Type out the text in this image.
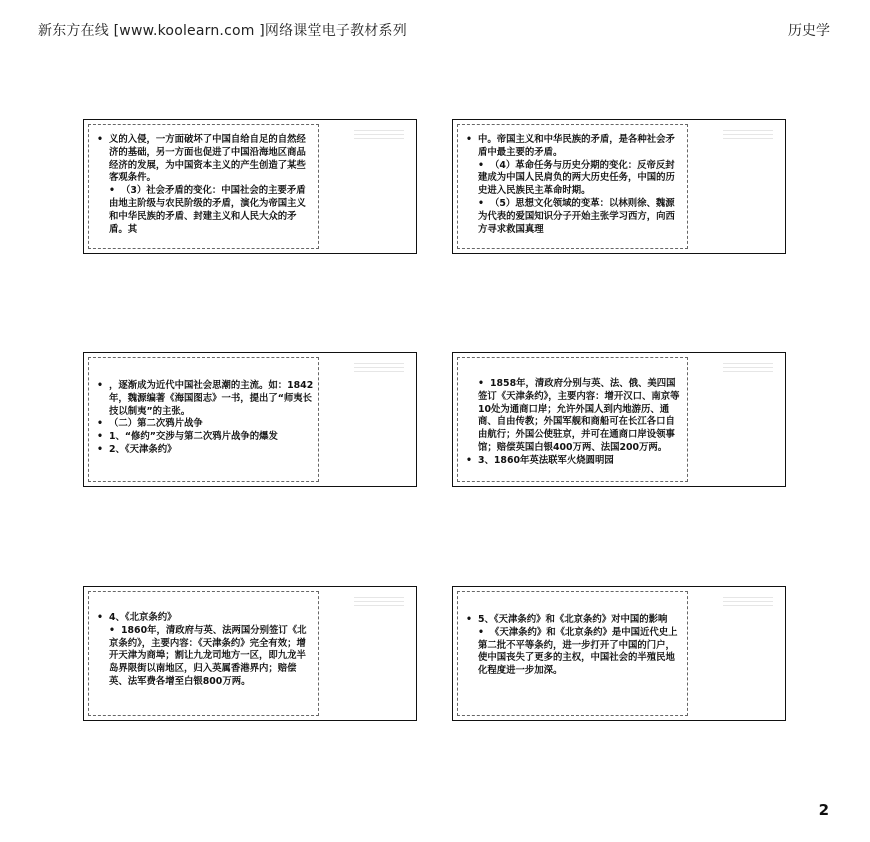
新东方在线 [www.koolearn.com ]网络课堂电子教材系列	历史学
• 义的入侵，一方面破坏了中国自给自足的自然经济的基础，另一方面也促进了中国沿海地区商品经济的发展，为中国资本主义的产生创造了某些客观条件。
• （3）社会矛盾的变化：中国社会的主要矛盾由地主阶级与农民阶级的矛盾，演化为帝国主义和中华民族的矛盾、封建主义和人民大众的矛盾。其
• 中。帝国主义和中华民族的矛盾，是各种社会矛盾中最主要的矛盾。
• （4）革命任务与历史分期的变化：反帝反封建成为中国人民肩负的两大历史任务，中国的历史进入民族民主革命时期。
• （5）思想文化领域的变革：以林则徐、魏源为代表的爱国知识分子开始主张学习西方，向西方寻求救国真理
• ，逐渐成为近代中国社会思潮的主流。如：1842年，魏源编著《海国图志》一书，提出了“师夷长技以制夷”的主张。
• （二）第二次鸦片战争
• 1、“修约”交涉与第二次鸦片战争的爆发
• 2、《天津条约》
• 1858年，清政府分别与英、法、俄、美四国签订《天津条约》，主要内容：增开汉口、南京等10处为通商口岸；允许外国人到内地游历、通商、自由传教；外国军舰和商船可在长江各口自由航行；外国公使驻京，并可在通商口岸设领事馆；赔偿英国白银400万两、法国200万两。
• 3、1860年英法联军火烧圆明园
• 4、《北京条约》
• 1860年，清政府与英、法两国分别签订《北京条约》，主要内容：《天津条约》完全有效；增开天津为商埠；割让九龙司地方一区，即九龙半岛界限街以南地区，归入英属香港界内；赔偿英、法军费各增至白银800万两。
• 5、《天津条约》和《北京条约》对中国的影响
• 《天津条约》和《北京条约》是中国近代史上第二批不平等条约，进一步打开了中国的门户，使中国丧失了更多的主权，中国社会的半殖民地化程度进一步加深。
2
